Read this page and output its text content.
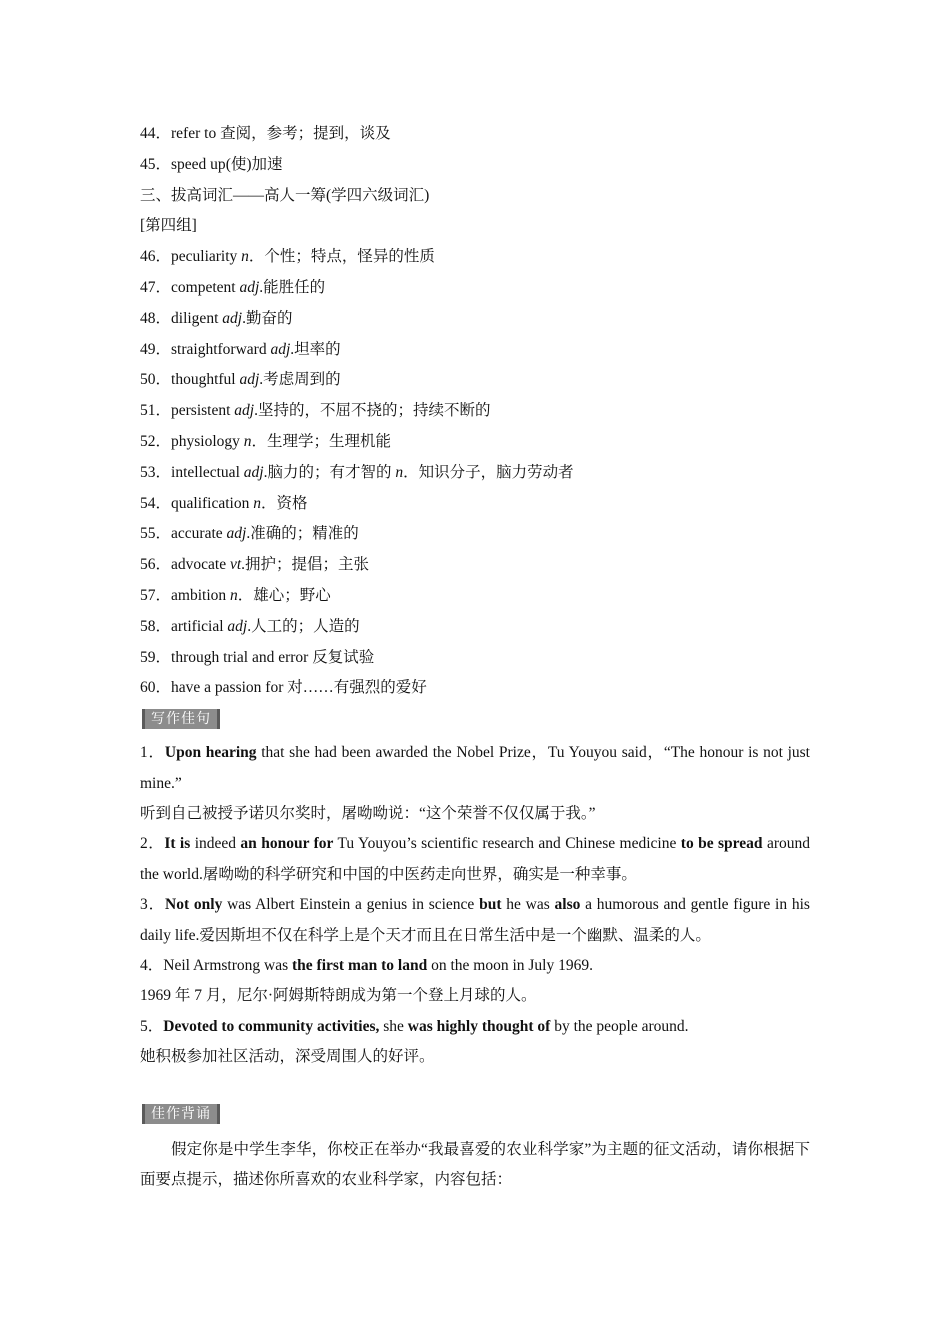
44．refer to 查阅，参考；提到，谈及
45．speed up(使)加速
三、拔高词汇——高人一筹(学四六级词汇)
[第四组]
46．peculiarity n．个性；特点，怪异的性质
47．competent adj.能胜任的
48．diligent adj.勤奋的
49．straightforward adj.坦率的
50．thoughtful adj.考虑周到的
51．persistent adj.坚持的，不屈不挠的；持续不断的
52．physiology n．生理学；生理机能
53．intellectual adj.脑力的；有才智的 n．知识分子，脑力劳动者
54．qualification n．资格
55．accurate adj.准确的；精准的
56．advocate vt.拥护；提倡；主张
57．ambition n．雄心；野心
58．artificial adj.人工的；人造的
59．through trial and error 反复试验
60．have a passion for 对……有强烈的爱好
写作佳句
1．Upon hearing that she had been awarded the Nobel Prize，Tu Youyou said，“The honour is not just mine.”
听到自己被授予诺贝尔奖时，屠呦呦说：“这个荣誉不仅仅属于我。”
2．It is indeed an honour for Tu Youyou’s scientific research and Chinese medicine to be spread around the world.屠呦呦的科学研究和中国的中医药走向世界，确实是一种幸事。
3．Not only was Albert Einstein a genius in science but he was also a humorous and gentle figure in his daily life.爱因斯坦不仅在科学上是个天才而且在日常生活中是一个幽默、温柔的人。
4．Neil Armstrong was the first man to land on the moon in July 1969.
1969 年 7 月，尼尔·阿姆斯特朗成为第一个登上月球的人。
5．Devoted to community activities, she was highly thought of by the people around.
她积极参加社区活动，深受周围人的好评。
佳作背诵
假定你是中学生李华，你校正在举办“我最喜爱的农业科学家”为主题的征文活动，请你根据下面要点提示，描述你所喜欢的农业科学家，内容包括：
